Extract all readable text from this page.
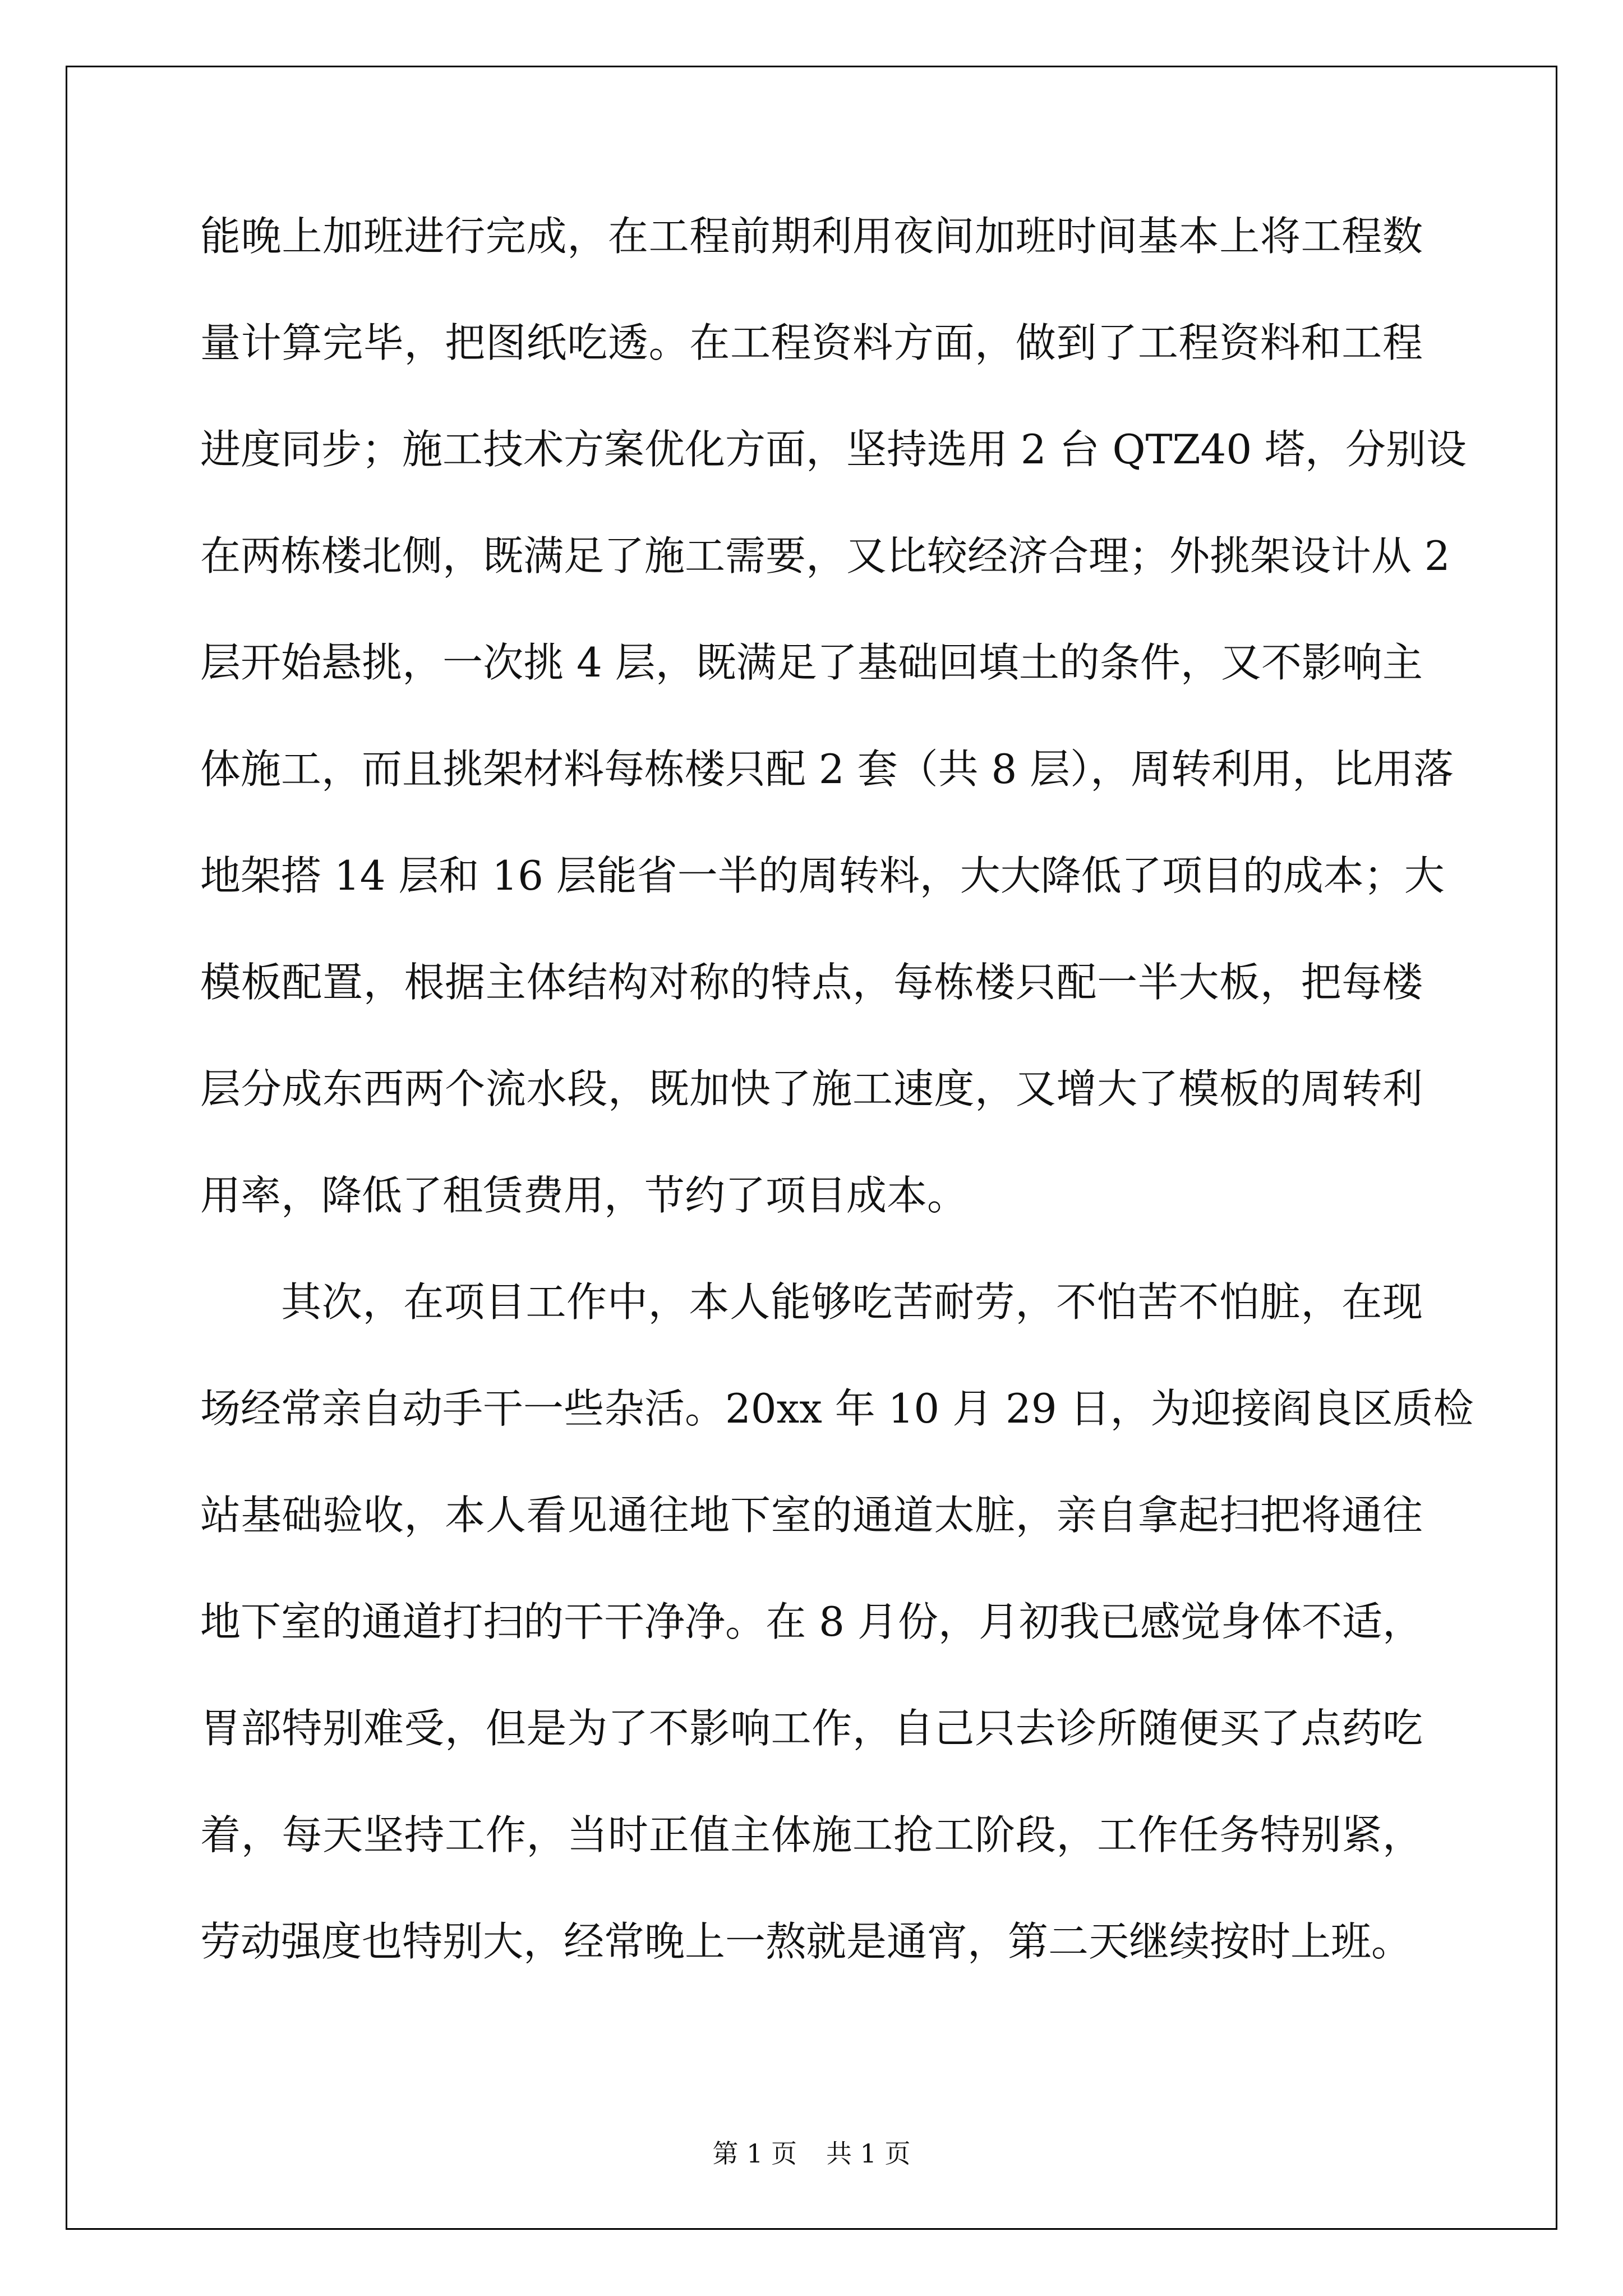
能晚上加班进行完成，在工程前期利用夜间加班时间基本上将工程数
量计算完毕，把图纸吃透。在工程资料方面，做到了工程资料和工程
进度同步；施工技术方案优化方面，坚持选用 2 台 QTZ40 塔，分别设
在两栋楼北侧，既满足了施工需要，又比较经济合理；外挑架设计从 2
层开始悬挑，一次挑 4 层，既满足了基础回填土的条件，又不影响主
体施工，而且挑架材料每栋楼只配 2 套（共 8 层），周转利用，比用落
地架搭 14 层和 16 层能省一半的周转料，大大降低了项目的成本；大
模板配置，根据主体结构对称的特点，每栋楼只配一半大板，把每楼
层分成东西两个流水段，既加快了施工速度，又增大了模板的周转利
用率，降低了租赁费用，节约了项目成本。
其次，在项目工作中，本人能够吃苦耐劳，不怕苦不怕脏，在现
场经常亲自动手干一些杂活。20xx 年 10 月 29 日，为迎接阎良区质检
站基础验收，本人看见通往地下室的通道太脏，亲自拿起扫把将通往
地下室的通道打扫的干干净净。在 8 月份，月初我已感觉身体不适，
胃部特别难受，但是为了不影响工作，自己只去诊所随便买了点药吃
着，每天坚持工作，当时正值主体施工抢工阶段，工作任务特别紧，
劳动强度也特别大，经常晚上一熬就是通宵，第二天继续按时上班。
第 1 页 共 1 页
